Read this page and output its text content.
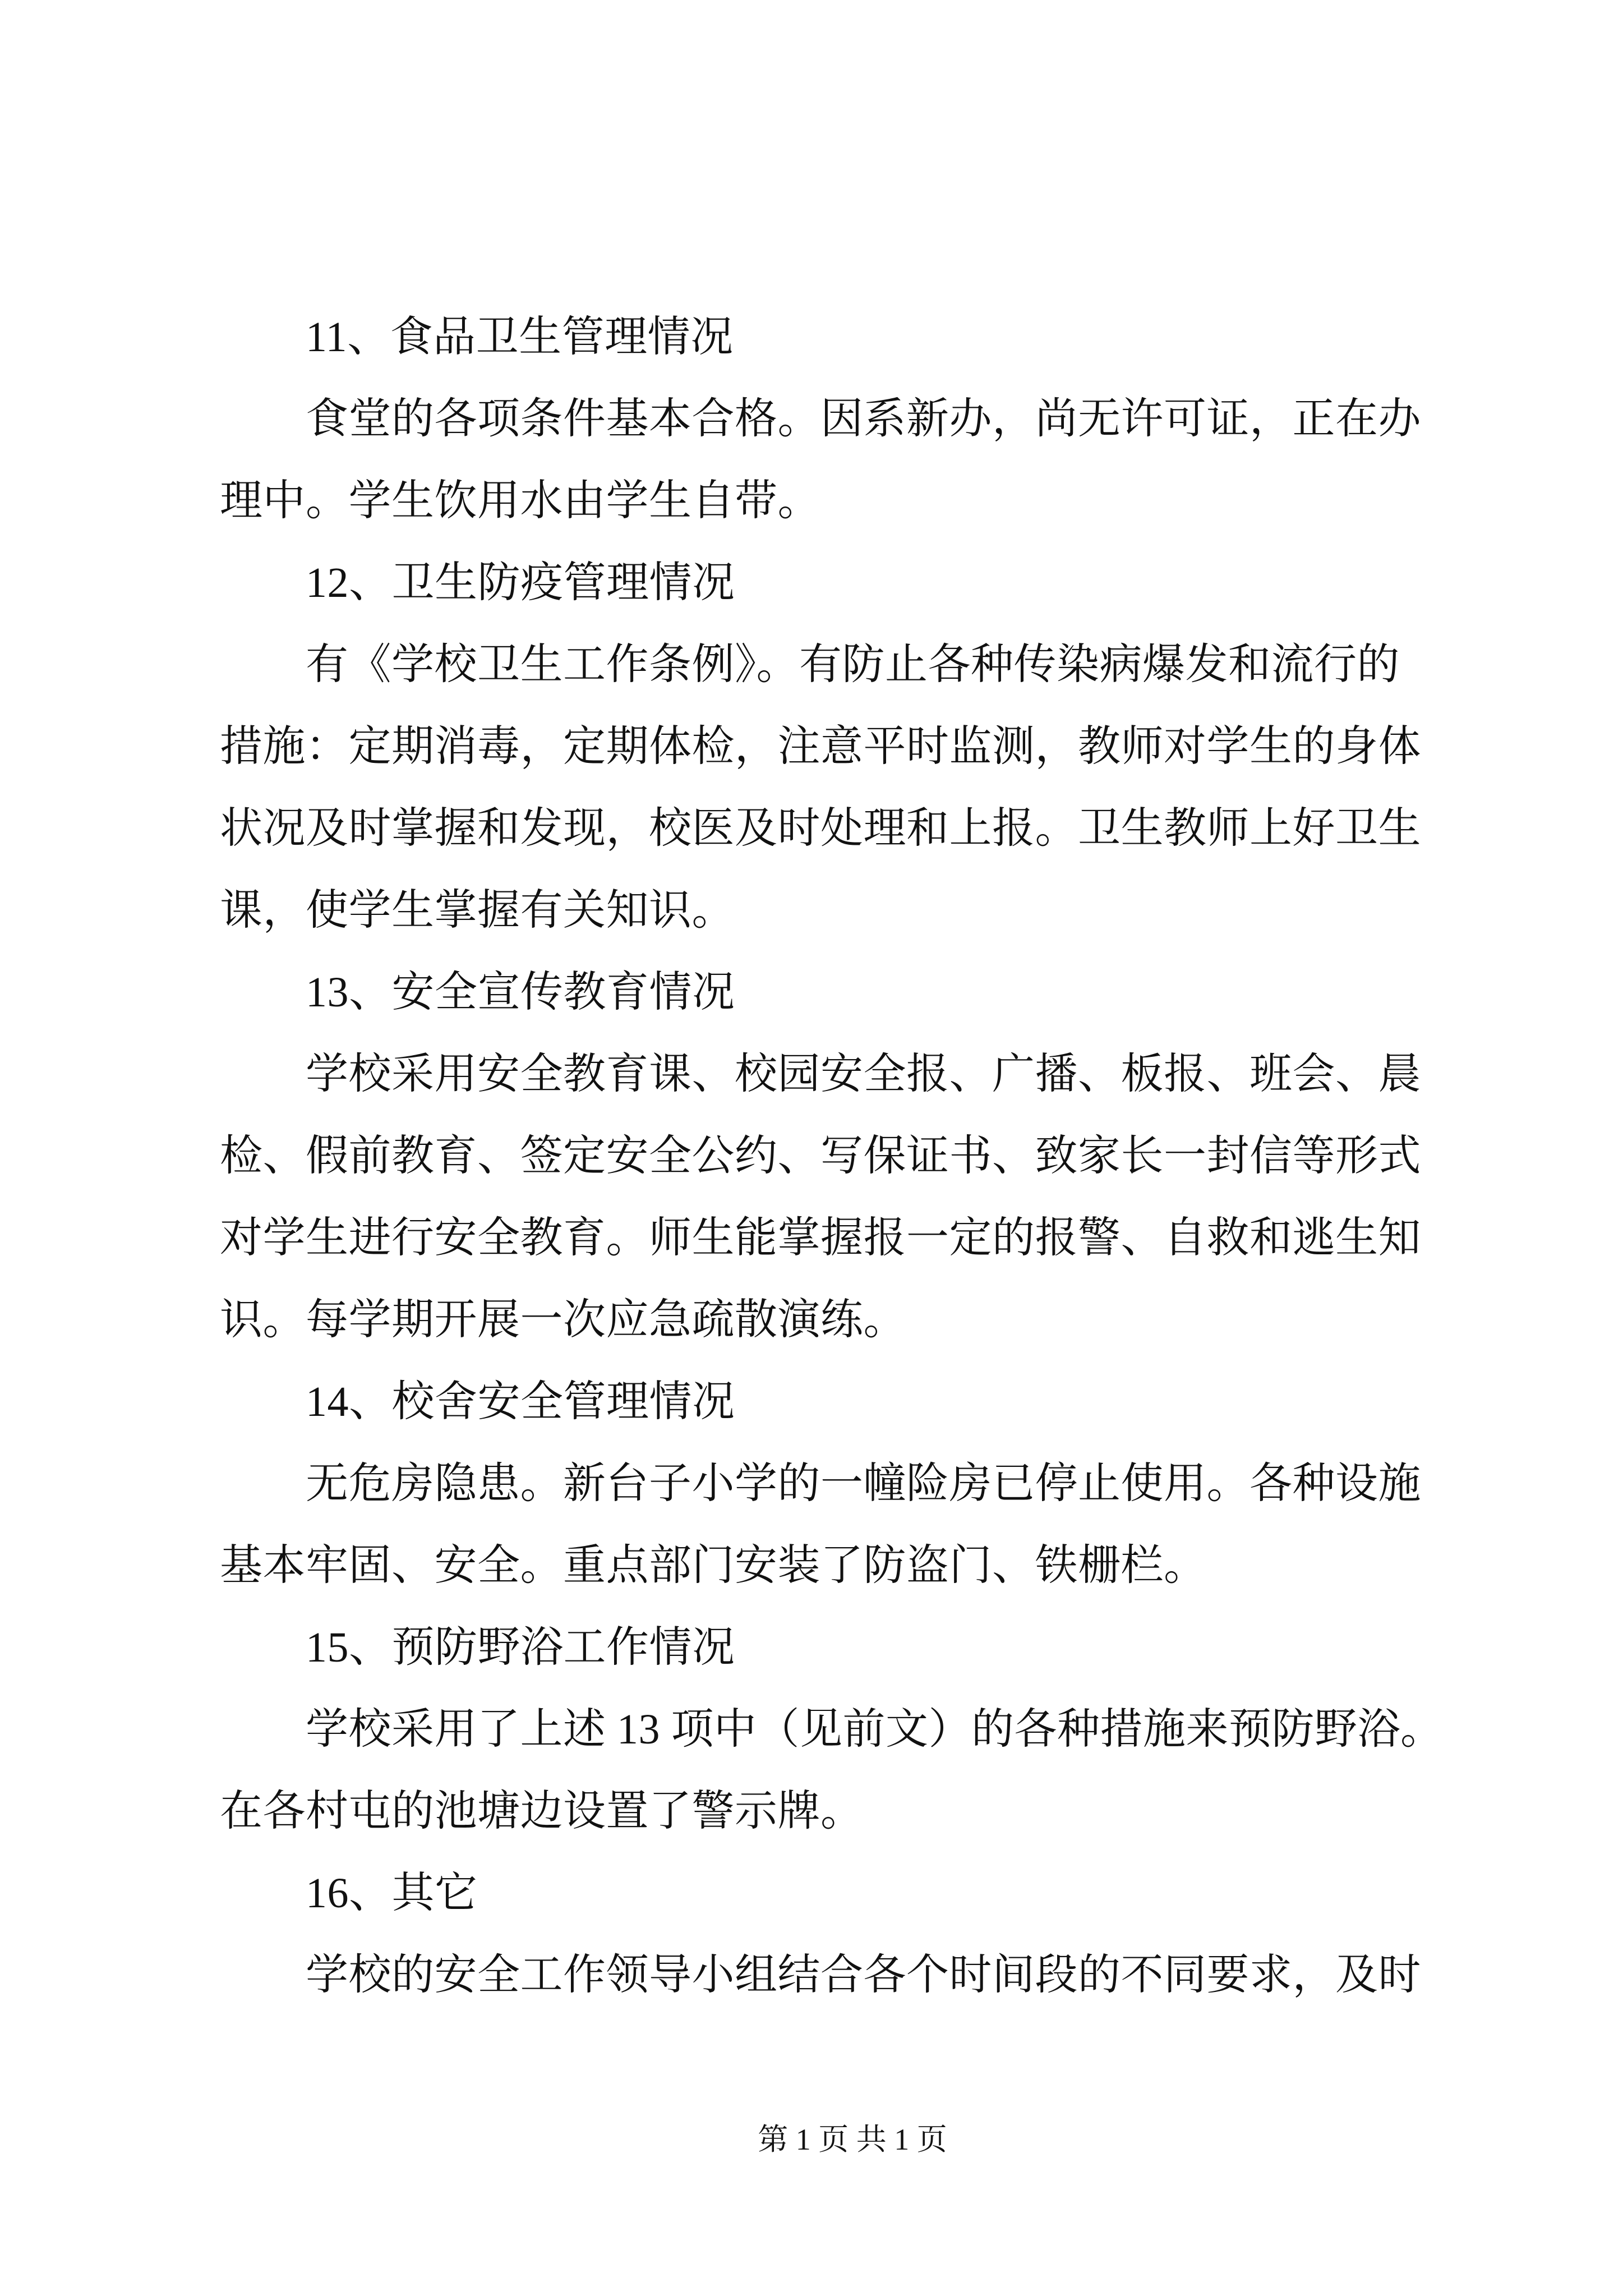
11、食品卫生管理情况
食堂的各项条件基本合格。因系新办，尚无许可证，正在办
理中。学生饮用水由学生自带。
12、卫生防疫管理情况
有《学校卫生工作条例》。有防止各种传染病爆发和流行的
措施：定期消毒，定期体检，注意平时监测，教师对学生的身体
状况及时掌握和发现，校医及时处理和上报。卫生教师上好卫生
课，使学生掌握有关知识。
13、安全宣传教育情况
学校采用安全教育课、校园安全报、广播、板报、班会、晨
检、假前教育、签定安全公约、写保证书、致家长一封信等形式
对学生进行安全教育。师生能掌握报一定的报警、自救和逃生知
识。每学期开展一次应急疏散演练。
14、校舍安全管理情况
无危房隐患。新台子小学的一幢险房已停止使用。各种设施
基本牢固、安全。重点部门安装了防盗门、铁栅栏。
15、预防野浴工作情况
学校采用了上述 13 项中（见前文）的各种措施来预防野浴。
在各村屯的池塘边设置了警示牌。
16、其它
学校的安全工作领导小组结合各个时间段的不同要求，及时
第 1 页 共 1 页
